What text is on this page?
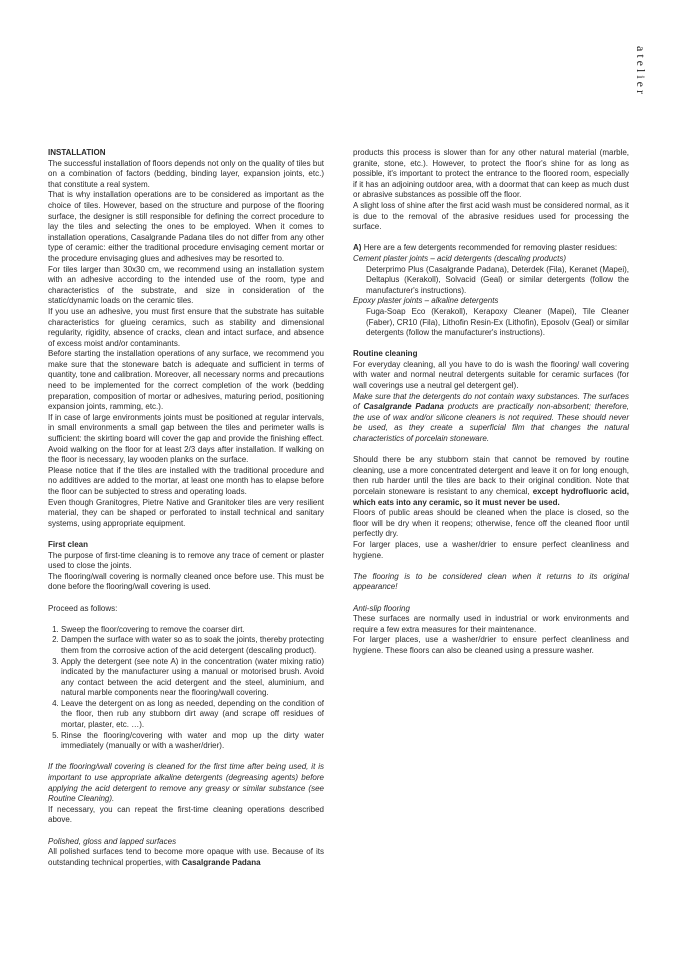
atelier

INSTALLATION

The successful installation of floors depends not only on the quality of tiles but on a combination of factors (bedding, binding layer, expansion joints, etc.) that constitute a real system.

That is why installation operations are to be considered as important as the choice of tiles. However, based on the structure and purpose of the flooring surface, the designer is still responsible for defining the correct procedure to lay the tiles and selecting the ones to be employed. When it comes to installation operations, Casalgrande Padana tiles do not differ from any other type of ceramic: either the traditional procedure envisaging cement mortar or the procedure envisaging glues and adhesives may be resorted to.

For tiles larger than 30x30 cm, we recommend using an installation system with an adhesive according to the intended use of the room, type and characteristics of the substrate, and size in consideration of the static/dynamic loads on the ceramic tiles.

If you use an adhesive, you must first ensure that the substrate has suitable characteristics for glueing ceramics, such as stability and dimensional regularity, rigidity, absence of cracks, clean and intact surface, and absence of excess moist and/or contaminants.

Before starting the installation operations of any surface, we recommend you make sure that the stoneware batch is adequate and sufficient in terms of quantity, tone and calibration. Moreover, all necessary norms and precautions need to be implemented for the correct completion of the work (bedding preparation, composition of mortar or adhesives, maturing period, positioning expansion joints, ramming, etc.).

If in case of large environments joints must be positioned at regular intervals, in small environments a small gap between the tiles and perimeter walls is sufficient: the skirting board will cover the gap and provide the finishing effect. Avoid walking on the floor for at least 2/3 days after installation. If walking on the floor is necessary, lay wooden planks on the surface.

Please notice that if the tiles are installed with the traditional procedure and no additives are added to the mortar, at least one month has to elapse before the floor can be subjected to stress and operating loads.

Even though Granitogres, Pietre Native and Granitoker tiles are very resilient material, they can be shaped or perforated to install technical and sanitary systems, using appropriate equipment.

First clean

The purpose of first-time cleaning is to remove any trace of cement or plaster used to close the joints.

The flooring/wall covering is normally cleaned once before use. This must be done before the flooring/wall covering is used.

Proceed as follows:

1. Sweep the floor/covering to remove the coarser dirt.
2. Dampen the surface with water so as to soak the joints, thereby protecting them from the corrosive action of the acid detergent (descaling product).
3. Apply the detergent (see note A) in the concentration (water mixing ratio) indicated by the manufacturer using a manual or motorised brush. Avoid any contact between the acid detergent and the steel, aluminium, and natural marble components near the flooring/wall covering.
4. Leave the detergent on as long as needed, depending on the condition of the floor, then rub any stubborn dirt away (and scrape off residues of mortar, plaster, etc. …).
5. Rinse the flooring/covering with water and mop up the dirty water immediately (manually or with a washer/drier).

If the flooring/wall covering is cleaned for the first time after being used, it is important to use appropriate alkaline detergents (degreasing agents) before applying the acid detergent to remove any greasy or similar substance (see Routine Cleaning).

If necessary, you can repeat the first-time cleaning operations described above.

Polished, gloss and lapped surfaces

All polished surfaces tend to become more opaque with use. Because of its outstanding technical properties, with Casalgrande Padana

products this process is slower than for any other natural material (marble, granite, stone, etc.). However, to protect the floor's shine for as long as possible, it's important to protect the entrance to the floored room, especially if it has an adjoining outdoor area, with a doormat that can keep as much dust or abrasive substances as possible off the floor.

A slight loss of shine after the first acid wash must be considered normal, as it is due to the removal of the abrasive residues used for processing the surface.

A) Here are a few detergents recommended for removing plaster residues:

Cement plaster joints – acid detergents (descaling products)

Deterprimo Plus (Casalgrande Padana), Deterdek (Fila), Keranet (Mapei), Deltaplus (Kerakoll), Solvacid (Geal) or similar detergents (follow the manufacturer's instructions).

Epoxy plaster joints – alkaline detergents

Fuga-Soap Eco (Kerakoll), Kerapoxy Cleaner (Mapei), Tile Cleaner (Faber), CR10 (Fila), Lithofin Resin-Ex (Lithofin), Eposolv (Geal) or similar detergents (follow the manufacturer's instructions).

Routine cleaning

For everyday cleaning, all you have to do is wash the flooring/ wall covering with water and normal neutral detergents suitable for ceramic surfaces (for wall coverings use a neutral gel detergent gel).

Make sure that the detergents do not contain waxy substances. The surfaces of Casalgrande Padana products are practically non-absorbent; therefore, the use of wax and/or silicone cleaners is not required. These should never be used, as they create a superficial film that changes the natural characteristics of porcelain stoneware.

Should there be any stubborn stain that cannot be removed by routine cleaning, use a more concentrated detergent and leave it on for long enough, then rub harder until the tiles are back to their original condition. Note that porcelain stoneware is resistant to any chemical, except hydrofluoric acid, which eats into any ceramic, so it must never be used.

Floors of public areas should be cleaned when the place is closed, so the floor will be dry when it reopens; otherwise, fence off the cleaned floor until perfectly dry.

For larger places, use a washer/drier to ensure perfect cleanliness and hygiene.

The flooring is to be considered clean when it returns to its original appearance!

Anti-slip flooring

These surfaces are normally used in industrial or work environments and require a few extra measures for their maintenance.

For larger places, use a washer/drier to ensure perfect cleanliness and hygiene. These floors can also be cleaned using a pressure washer.
